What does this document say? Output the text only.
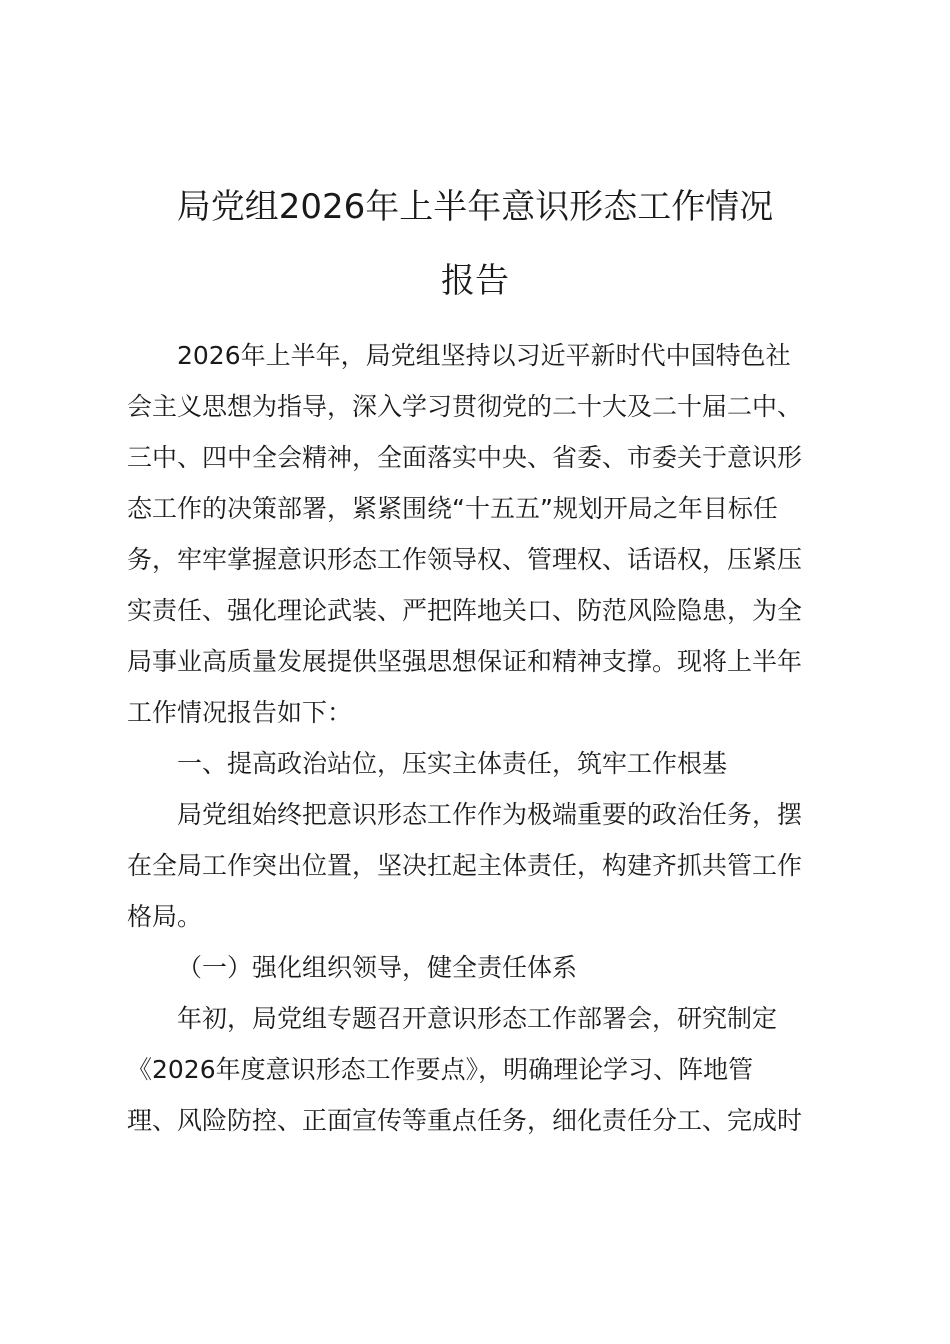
局党组2026年上半年意识形态工作情况
报告
2026年上半年，局党组坚持以习近平新时代中国特色社
会主义思想为指导，深入学习贯彻党的二十大及二十届二中、
三中、四中全会精神，全面落实中央、省委、市委关于意识形
态工作的决策部署，紧紧围绕“十五五”规划开局之年目标任
务，牢牢掌握意识形态工作领导权、管理权、话语权，压紧压
实责任、强化理论武装、严把阵地关口、防范风险隐患，为全
局事业高质量发展提供坚强思想保证和精神支撑。现将上半年
工作情况报告如下：
一、提高政治站位，压实主体责任，筑牢工作根基
局党组始终把意识形态工作作为极端重要的政治任务，摆
在全局工作突出位置，坚决扛起主体责任，构建齐抓共管工作
格局。
（一）强化组织领导，健全责任体系
年初，局党组专题召开意识形态工作部署会，研究制定
《2026年度意识形态工作要点》，明确理论学习、阵地管
理、风险防控、正面宣传等重点任务，细化责任分工、完成时
